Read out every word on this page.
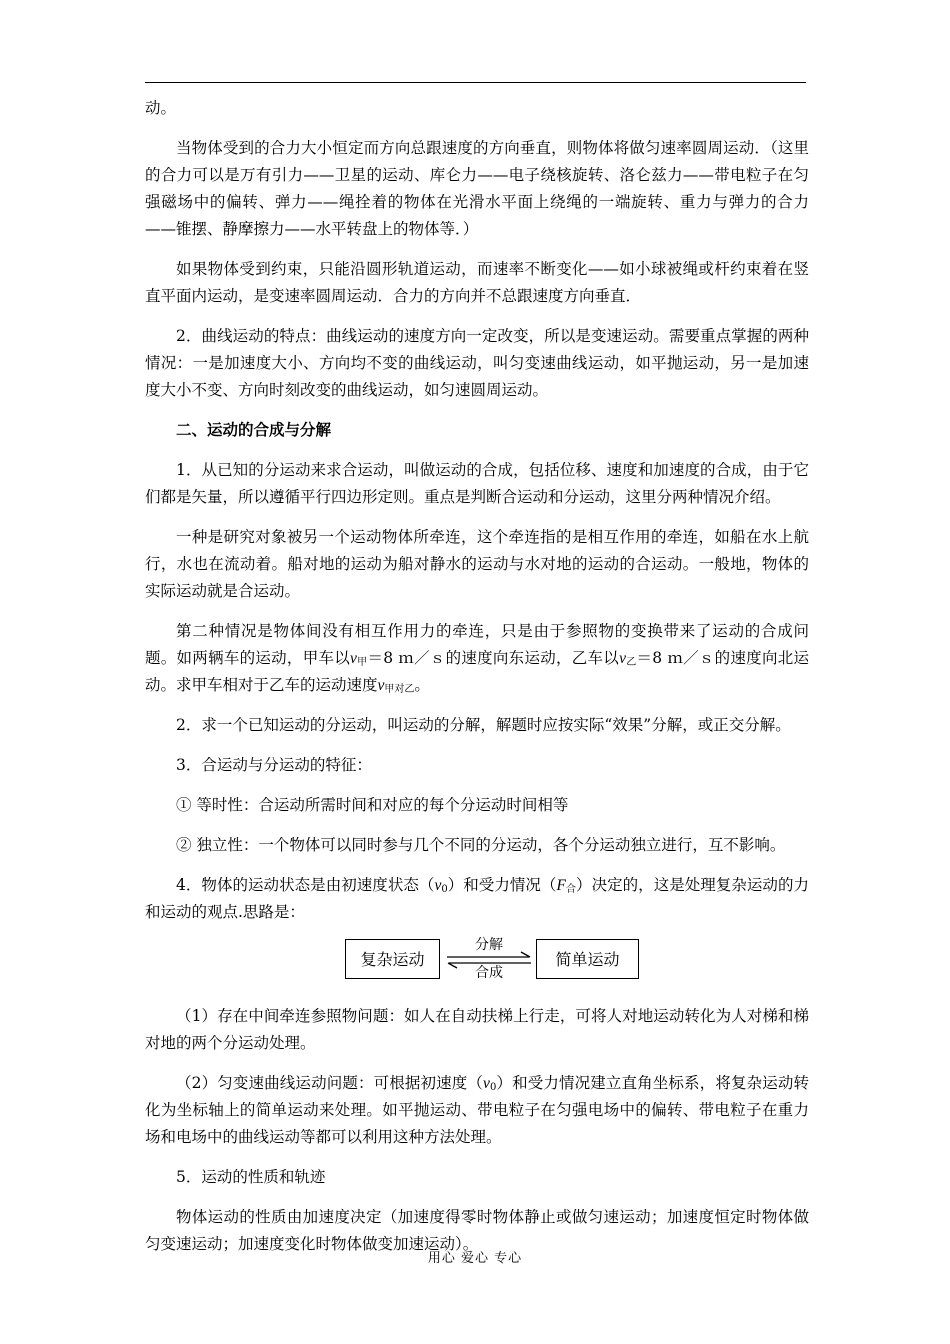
动。

当物体受到的合力大小恒定而方向总跟速度的方向垂直，则物体将做匀速率圆周运动．（这里的合力可以是万有引力——卫星的运动、库仑力——电子绕核旋转、洛仑兹力——带电粒子在匀强磁场中的偏转、弹力——绳拴着的物体在光滑水平面上绕绳的一端旋转、重力与弹力的合力——锥摆、静摩擦力——水平转盘上的物体等．）

如果物体受到约束，只能沿圆形轨道运动，而速率不断变化——如小球被绳或杆约束着在竖直平面内运动，是变速率圆周运动．合力的方向并不总跟速度方向垂直．

2．曲线运动的特点：曲线运动的速度方向一定改变，所以是变速运动。需要重点掌握的两种情况：一是加速度大小、方向均不变的曲线运动，叫匀变速曲线运动，如平抛运动，另一是加速度大小不变、方向时刻改变的曲线运动，如匀速圆周运动。

二、运动的合成与分解

1．从已知的分运动来求合运动，叫做运动的合成，包括位移、速度和加速度的合成，由于它们都是矢量，所以遵循平行四边形定则。重点是判断合运动和分运动，这里分两种情况介绍。

一种是研究对象被另一个运动物体所牵连，这个牵连指的是相互作用的牵连，如船在水上航行，水也在流动着。船对地的运动为船对静水的运动与水对地的运动的合运动。一般地，物体的实际运动就是合运动。

第二种情况是物体间没有相互作用力的牵连，只是由于参照物的变换带来了运动的合成问题。如两辆车的运动，甲车以$v_甲=8$ ｍ／ｓ的速度向东运动，乙车以$v_乙=8$ ｍ／ｓ的速度向北运动。求甲车相对于乙车的运动速度$v_{甲对乙}$。

2．求一个已知运动的分运动，叫运动的分解，解题时应按实际“效果”分解，或正交分解。

3．合运动与分运动的特征：

① 等时性：合运动所需时间和对应的每个分运动时间相等

② 独立性：一个物体可以同时参与几个不同的分运动，各个分运动独立进行，互不影响。

4．物体的运动状态是由初速度状态$(v_0)$和受力情况$(F_合)$决定的，这是处理复杂运动的力和运动的观点.思路是：

复杂运动
分解
合成
简单运动

（1）存在中间牵连参照物问题：如人在自动扶梯上行走，可将人对地运动转化为人对梯和梯对地的两个分运动处理。

（2）匀变速曲线运动问题：可根据初速度$(v_0)$和受力情况建立直角坐标系，将复杂运动转化为坐标轴上的简单运动来处理。如平抛运动、带电粒子在匀强电场中的偏转、带电粒子在重力场和电场中的曲线运动等都可以利用这种方法处理。

5．运动的性质和轨迹

物体运动的性质由加速度决定（加速度得零时物体静止或做匀速运动；加速度恒定时物体做匀变速运动；加速度变化时物体做变加速运动）。

用心 爱心 专心
